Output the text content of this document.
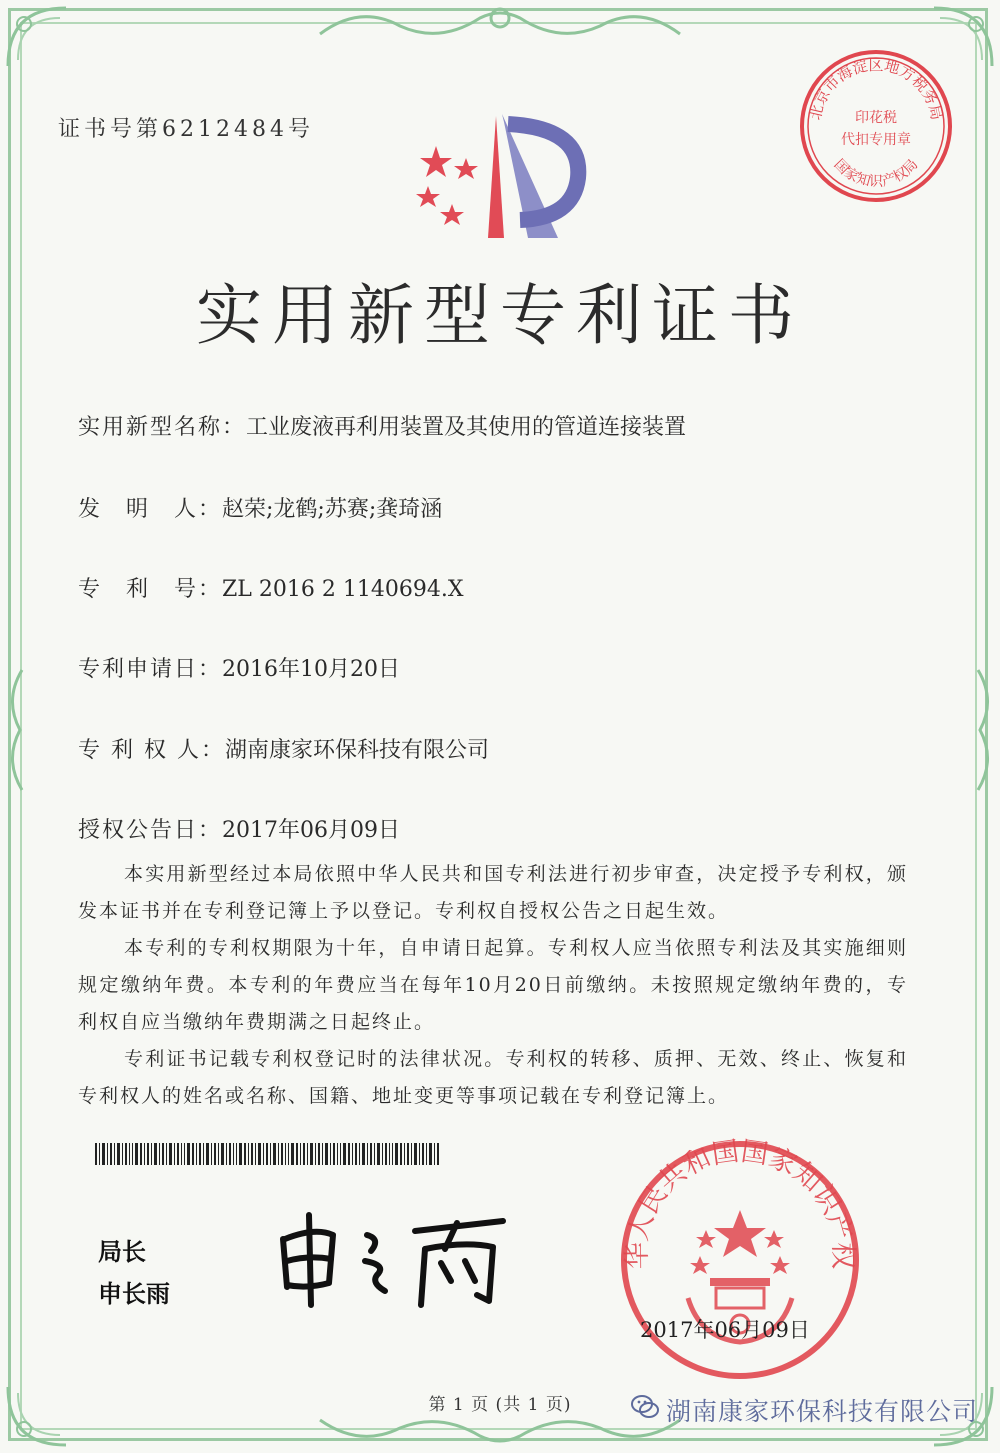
证书号第6212484号
北京市海淀区地方税务局
印花税
代扣专用章
国家知识产权局
实用新型专利证书
实用新型名称：工业废液再利用装置及其使用的管道连接装置
发　明　人：赵荣;龙鹤;苏赛;龚琦涵
专　利　号：ZL 2016 2 1140694.X
专利申请日：2016年10月20日
专 利 权 人：湖南康家环保科技有限公司
授权公告日：2017年06月09日
本实用新型经过本局依照中华人民共和国专利法进行初步审查，决定授予专利权，颁发本证书并在专利登记簿上予以登记。专利权自授权公告之日起生效。
本专利的专利权期限为十年，自申请日起算。专利权人应当依照专利法及其实施细则规定缴纳年费。本专利的年费应当在每年10月20日前缴纳。未按照规定缴纳年费的，专利权自应当缴纳年费期满之日起终止。
专利证书记载专利权登记时的法律状况。专利权的转移、质押、无效、终止、恢复和专利权人的姓名或名称、国籍、地址变更等事项记载在专利登记簿上。
局长
申长雨
华人民共和国国家知识产权
2017年06月09日
第 1 页 (共 1 页)	湖南康家环保科技有限公司
